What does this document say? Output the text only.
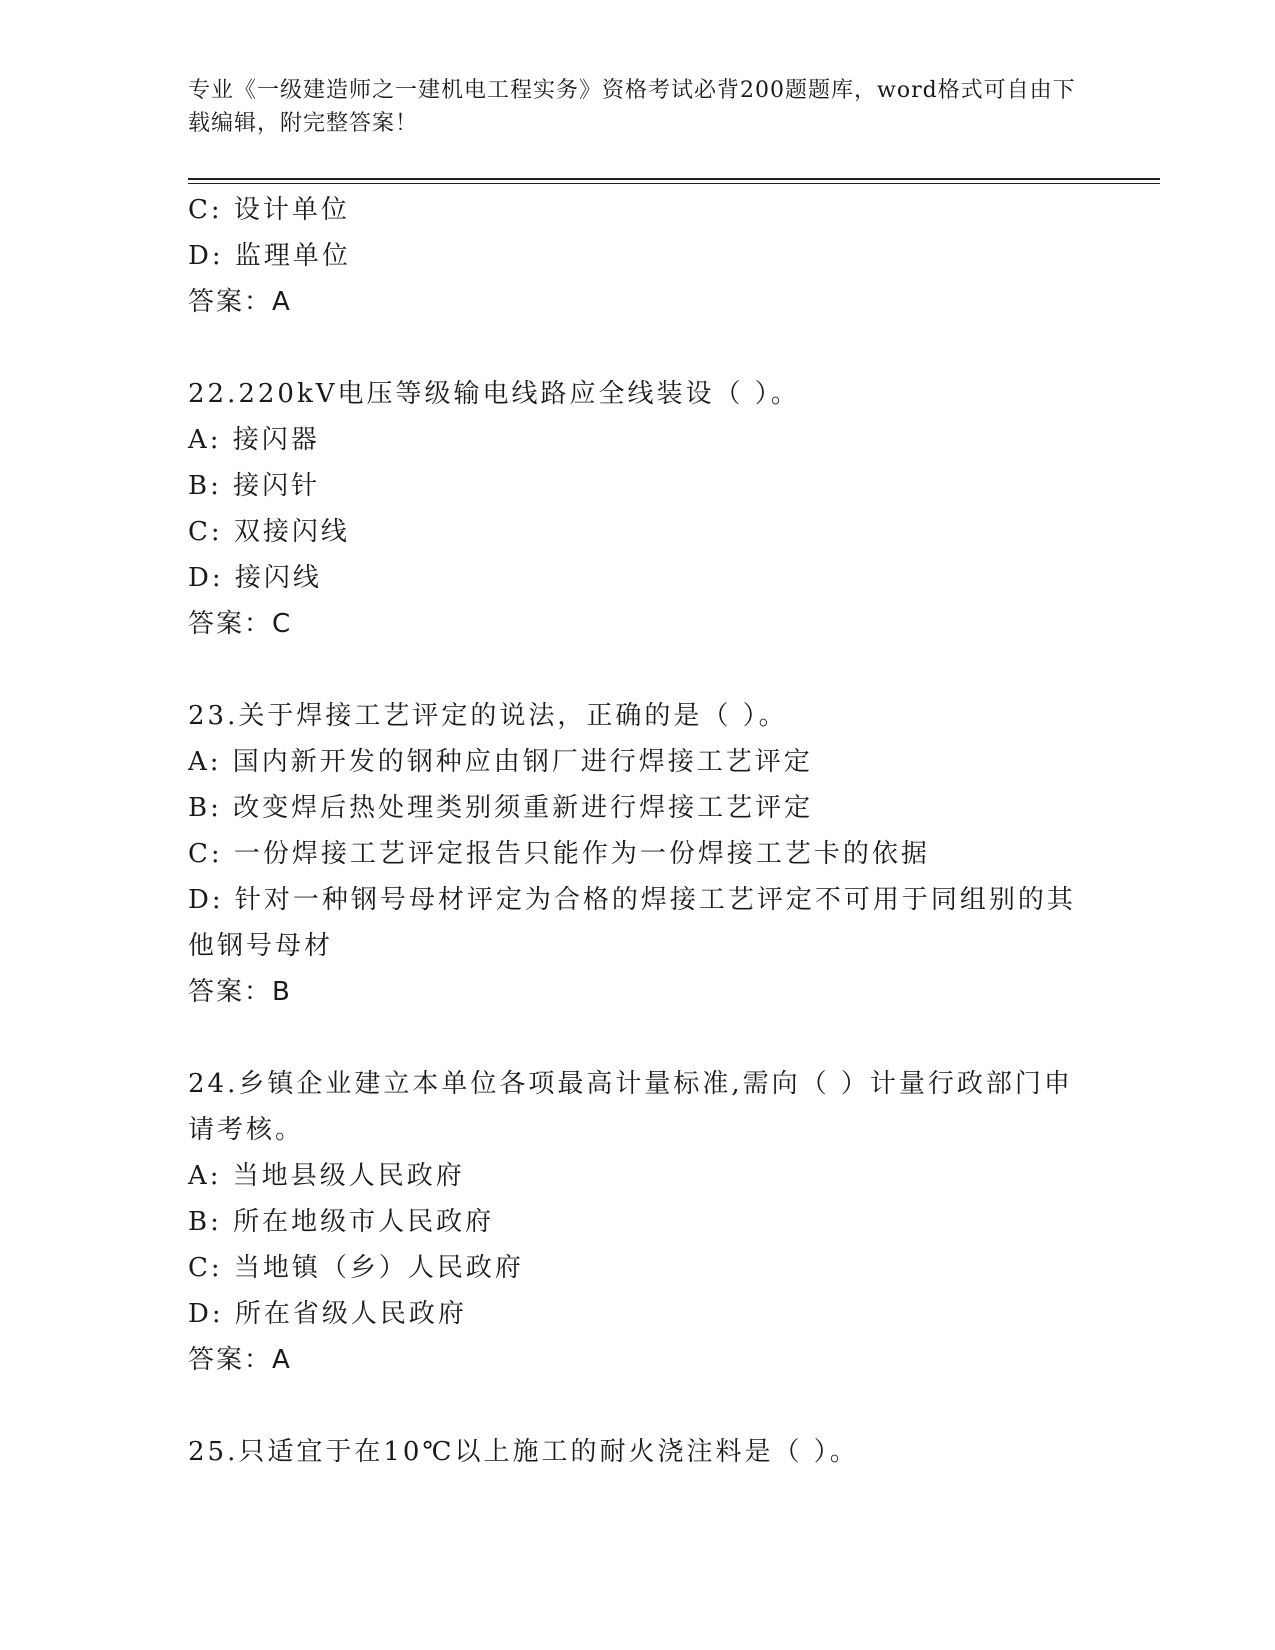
专业《一级建造师之一建机电工程实务》资格考试必背200题题库，word格式可自由下载编辑，附完整答案！
C: 设计单位
D: 监理单位
答案：A
22.220kV电压等级输电线路应全线装设（ ）。
A: 接闪器
B: 接闪针
C: 双接闪线
D: 接闪线
答案：C
23.关于焊接工艺评定的说法，正确的是（ ）。
A: 国内新开发的钢种应由钢厂进行焊接工艺评定
B: 改变焊后热处理类别须重新进行焊接工艺评定
C: 一份焊接工艺评定报告只能作为一份焊接工艺卡的依据
D: 针对一种钢号母材评定为合格的焊接工艺评定不可用于同组别的其他钢号母材
答案：B
24.乡镇企业建立本单位各项最高计量标准,需向（ ）计量行政部门申请考核。
A: 当地县级人民政府
B: 所在地级市人民政府
C: 当地镇（乡）人民政府
D: 所在省级人民政府
答案：A
25.只适宜于在10℃以上施工的耐火浇注料是（ ）。
